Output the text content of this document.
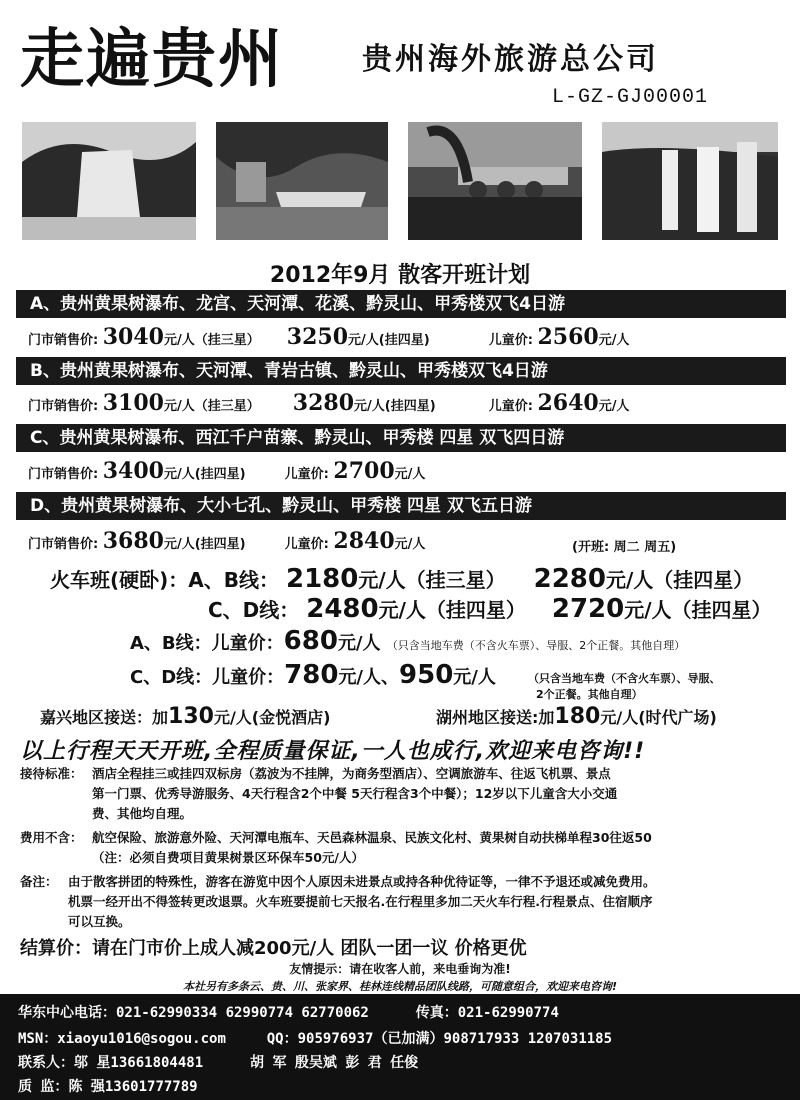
走遍贵州	贵州海外旅游总公司
L-GZ-GJ00001
2012年9月 散客开班计划
A、贵州黄果树瀑布、龙宫、天河潭、花溪、黔灵山、甲秀楼双飞4日游
门市销售价: 3040元/人（挂三星） 3250元/人(挂四星)	儿童价: 2560元/人
B、贵州黄果树瀑布、天河潭、青岩古镇、黔灵山、甲秀楼双飞4日游
门市销售价: 3100元/人（挂三星） 3280元/人(挂四星)	儿童价: 2640元/人
C、贵州黄果树瀑布、西江千户苗寨、黔灵山、甲秀楼 四星 双飞四日游
门市销售价: 3400元/人(挂四星)	儿童价: 2700元/人
D、贵州黄果树瀑布、大小七孔、黔灵山、甲秀楼 四星 双飞五日游
门市销售价: 3680元/人(挂四星)	儿童价: 2840元/人	(开班: 周二 周五)
火车班(硬卧)：A、B线： 2180元/人（挂三星） 2280元/人（挂四星）
C、D线： 2480元/人（挂四星） 2720元/人（挂四星）
A、B线：儿童价：680元/人 （只含当地车费（不含火车票）、导服、2个正餐。其他自理）
C、D线：儿童价：780元/人、950元/人	（只含当地车费（不含火车票）、导服、
2个正餐。其他自理）
嘉兴地区接送：加130元/人(金悦酒店)	湖州地区接送:加180元/人(时代广场)
以上行程天天开班,全程质量保证,一人也成行,欢迎来电咨询!!
接待标准： 酒店全程挂三或挂四双标房（荔波为不挂牌，为商务型酒店）、空调旅游车、往返飞机票、景点
第一门票、优秀导游服务、4天行程含2个中餐 5天行程含3个中餐）；12岁以下儿童含大小交通
费、其他均自理。
费用不含： 航空保险、旅游意外险、天河潭电瓶车、天邑森林温泉、民族文化村、黄果树自动扶梯单程30往返50
（注：必须自费项目黄果树景区环保车50元/人）
备注： 由于散客拼团的特殊性，游客在游览中因个人原因未进景点或持各种优待证等，一律不予退还或减免费用。
机票一经开出不得签转更改退票。火车班要提前七天报名.在行程里多加二天火车行程.行程景点、住宿顺序
可以互换。
结算价：请在门市价上成人减200元/人 团队一团一议 价格更优
友情提示：请在收客人前，来电垂询为准!
本社另有多条云、贵、川、张家界、桂林连线精品团队线路，可随意组合，欢迎来电咨询!
华东中心电话：021-62990334 62990774 62770062	传真：021-62990774
MSN：xiaoyu1016@sogou.com	QQ：905976937（已加满）908717933 1207031185
联系人：邬 星13661804481	胡 军 殷吴斌 彭 君 任俊
质 监：陈 强13601777789
